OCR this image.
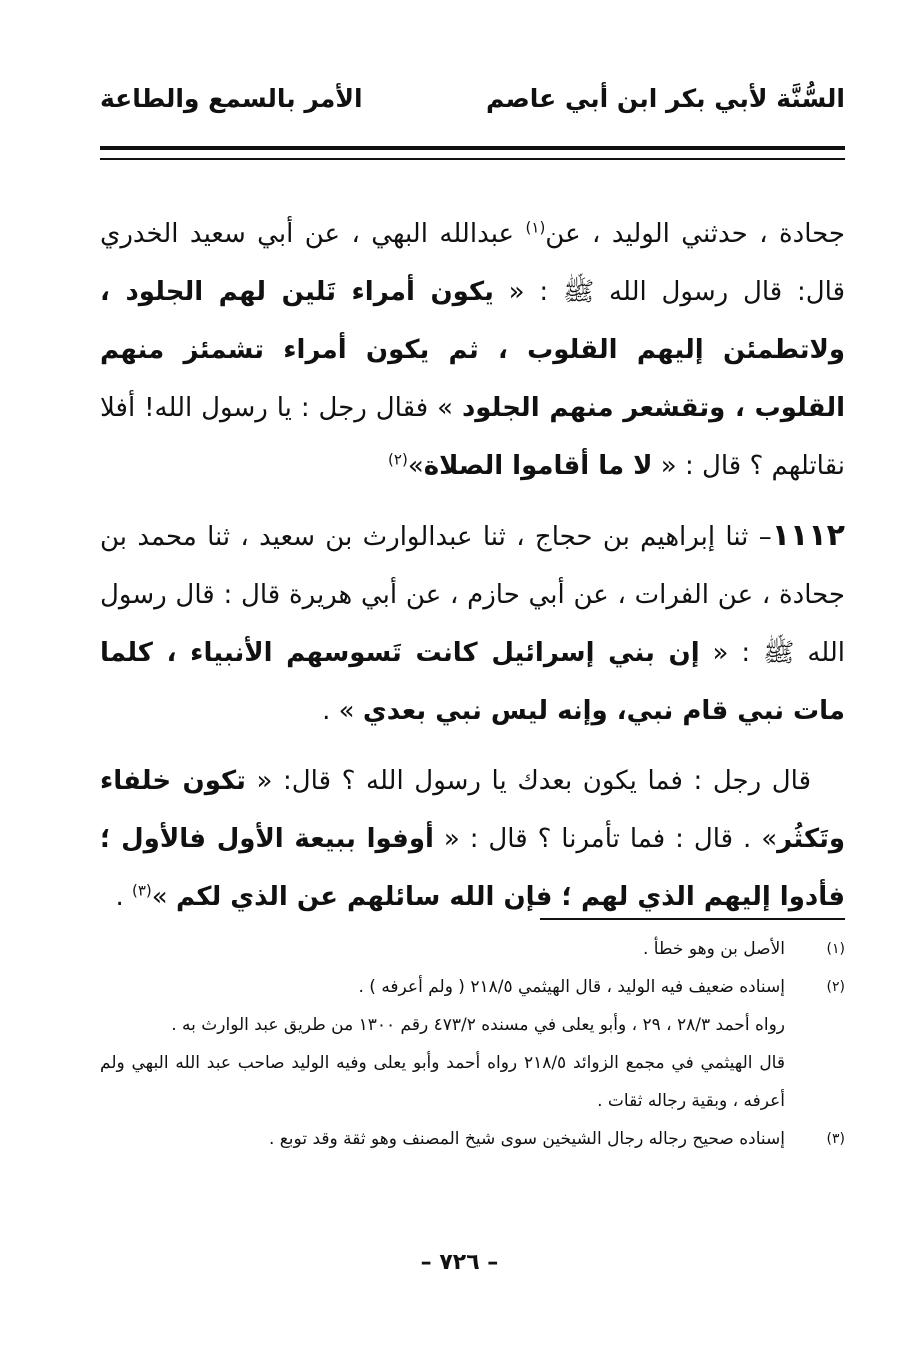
السُّنَّة لأبي بكر ابن أبي عاصم
الأمر بالسمع والطاعة

جحادة ، حدثني الوليد ، عن$^{(١)}$ عبدالله البهي ، عن أبي سعيد الخدري قال: قال رسول الله ﷺ : « يكون أمراء تَلين لهم الجلود ، ولاتطمئن إليهم القلوب ، ثم يكون أمراء تشمئز منهم القلوب ، وتقشعر منهم الجلود » فقال رجل : يا رسول الله! أفلا نقاتلهم ؟ قال : « لا ما أقاموا الصلاة»$^{(٢)}$

١١١٢– ثنا إبراهيم بن حجاج ، ثنا عبدالوارث بن سعيد ، ثنا محمد بن جحادة ، عن الفرات ، عن أبي حازم ، عن أبي هريرة قال : قال رسول الله ﷺ : « إن بني إسرائيل كانت تَسوسهم الأنبياء ، كلما مات نبي قام نبي، وإنه ليس نبي بعدي » .

قال رجل : فما يكون بعدك يا رسول الله ؟ قال: « تكون خلفاء وتَكثُر» . قال : فما تأمرنا ؟ قال : « أوفوا ببيعة الأول فالأول ؛ فأدوا إليهم الذي لهم ؛ فإن الله سائلهم عن الذي لكم »$^{(٣)}$ .

(١)
الأصل بن وهو خطأ .
(٢)
إسناده ضعيف فيه الوليد ، قال الهيثمي ٢١٨/٥ ( ولم أعرفه ) .
رواه أحمد ٢٨/٣ ، ٢٩ ، وأبو يعلى في مسنده ٤٧٣/٢ رقم ١٣٠٠ من طريق عبد الوارث به .
قال الهيثمي في مجمع الزوائد ٢١٨/٥ رواه أحمد وأبو يعلى وفيه الوليد صاحب عبد الله البهي ولم أعرفه ، وبقية رجاله ثقات .
(٣)
إسناده صحيح رجاله رجال الشيخين سوى شيخ المصنف وهو ثقة وقد توبع .
– ٧٢٦ –
